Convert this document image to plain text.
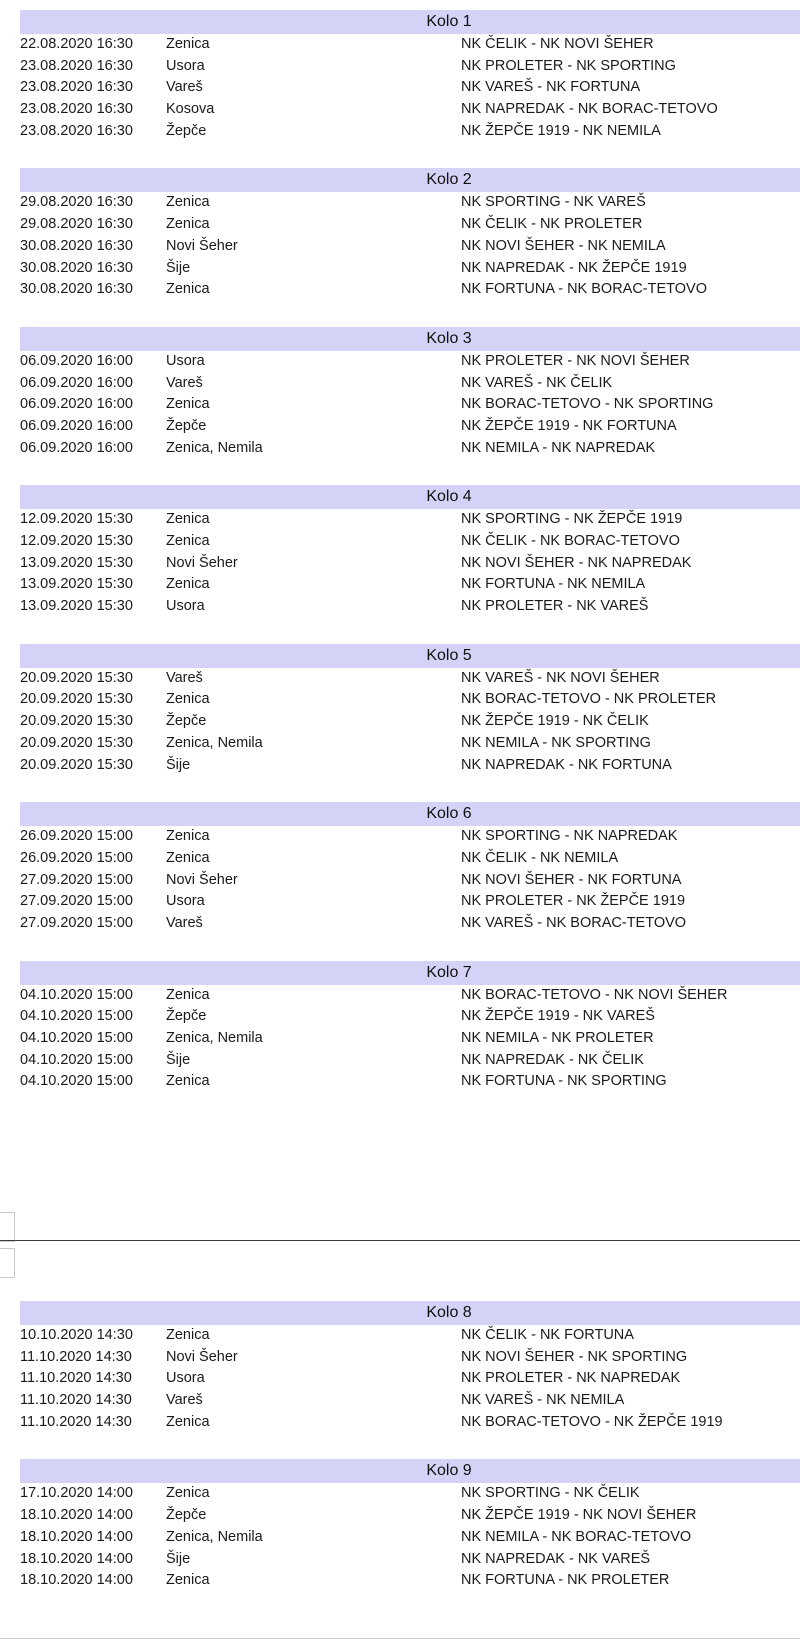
Kolo 1
22.08.2020 16:30 Zenica	NK ČELIK - NK NOVI ŠEHER
23.08.2020 16:30 Usora	NK PROLETER - NK SPORTING
23.08.2020 16:30 Vareš	NK VAREŠ - NK FORTUNA
23.08.2020 16:30 Kosova	NK NAPREDAK - NK BORAC-TETOVO
23.08.2020 16:30 Žepče	NK ŽEPČE 1919 - NK NEMILA
Kolo 2
29.08.2020 16:30 Zenica	NK SPORTING - NK VAREŠ
29.08.2020 16:30 Zenica	NK ČELIK - NK PROLETER
30.08.2020 16:30 Novi Šeher	NK NOVI ŠEHER - NK NEMILA
30.08.2020 16:30 Šije	NK NAPREDAK - NK ŽEPČE 1919
30.08.2020 16:30 Zenica	NK FORTUNA - NK BORAC-TETOVO
Kolo 3
06.09.2020 16:00 Usora	NK PROLETER - NK NOVI ŠEHER
06.09.2020 16:00 Vareš	NK VAREŠ - NK ČELIK
06.09.2020 16:00 Zenica	NK BORAC-TETOVO - NK SPORTING
06.09.2020 16:00 Žepče	NK ŽEPČE 1919 - NK FORTUNA
06.09.2020 16:00 Zenica, Nemila	NK NEMILA - NK NAPREDAK
Kolo 4
12.09.2020 15:30 Zenica	NK SPORTING - NK ŽEPČE 1919
12.09.2020 15:30 Zenica	NK ČELIK - NK BORAC-TETOVO
13.09.2020 15:30 Novi Šeher	NK NOVI ŠEHER - NK NAPREDAK
13.09.2020 15:30 Zenica	NK FORTUNA - NK NEMILA
13.09.2020 15:30 Usora	NK PROLETER - NK VAREŠ
Kolo 5
20.09.2020 15:30 Vareš	NK VAREŠ - NK NOVI ŠEHER
20.09.2020 15:30 Zenica	NK BORAC-TETOVO - NK PROLETER
20.09.2020 15:30 Žepče	NK ŽEPČE 1919 - NK ČELIK
20.09.2020 15:30 Zenica, Nemila	NK NEMILA - NK SPORTING
20.09.2020 15:30 Šije	NK NAPREDAK - NK FORTUNA
Kolo 6
26.09.2020 15:00 Zenica	NK SPORTING - NK NAPREDAK
26.09.2020 15:00 Zenica	NK ČELIK - NK NEMILA
27.09.2020 15:00 Novi Šeher	NK NOVI ŠEHER - NK FORTUNA
27.09.2020 15:00 Usora	NK PROLETER - NK ŽEPČE 1919
27.09.2020 15:00 Vareš	NK VAREŠ - NK BORAC-TETOVO
Kolo 7
04.10.2020 15:00 Zenica	NK BORAC-TETOVO - NK NOVI ŠEHER
04.10.2020 15:00 Žepče	NK ŽEPČE 1919 - NK VAREŠ
04.10.2020 15:00 Zenica, Nemila	NK NEMILA - NK PROLETER
04.10.2020 15:00 Šije	NK NAPREDAK - NK ČELIK
04.10.2020 15:00 Zenica	NK FORTUNA - NK SPORTING
Kolo 8
10.10.2020 14:30 Zenica	NK ČELIK - NK FORTUNA
11.10.2020 14:30 Novi Šeher	NK NOVI ŠEHER - NK SPORTING
11.10.2020 14:30 Usora	NK PROLETER - NK NAPREDAK
11.10.2020 14:30 Vareš	NK VAREŠ - NK NEMILA
11.10.2020 14:30 Zenica	NK BORAC-TETOVO - NK ŽEPČE 1919
Kolo 9
17.10.2020 14:00 Zenica	NK SPORTING - NK ČELIK
18.10.2020 14:00 Žepče	NK ŽEPČE 1919 - NK NOVI ŠEHER
18.10.2020 14:00 Zenica, Nemila	NK NEMILA - NK BORAC-TETOVO
18.10.2020 14:00 Šije	NK NAPREDAK - NK VAREŠ
18.10.2020 14:00 Zenica	NK FORTUNA - NK PROLETER
